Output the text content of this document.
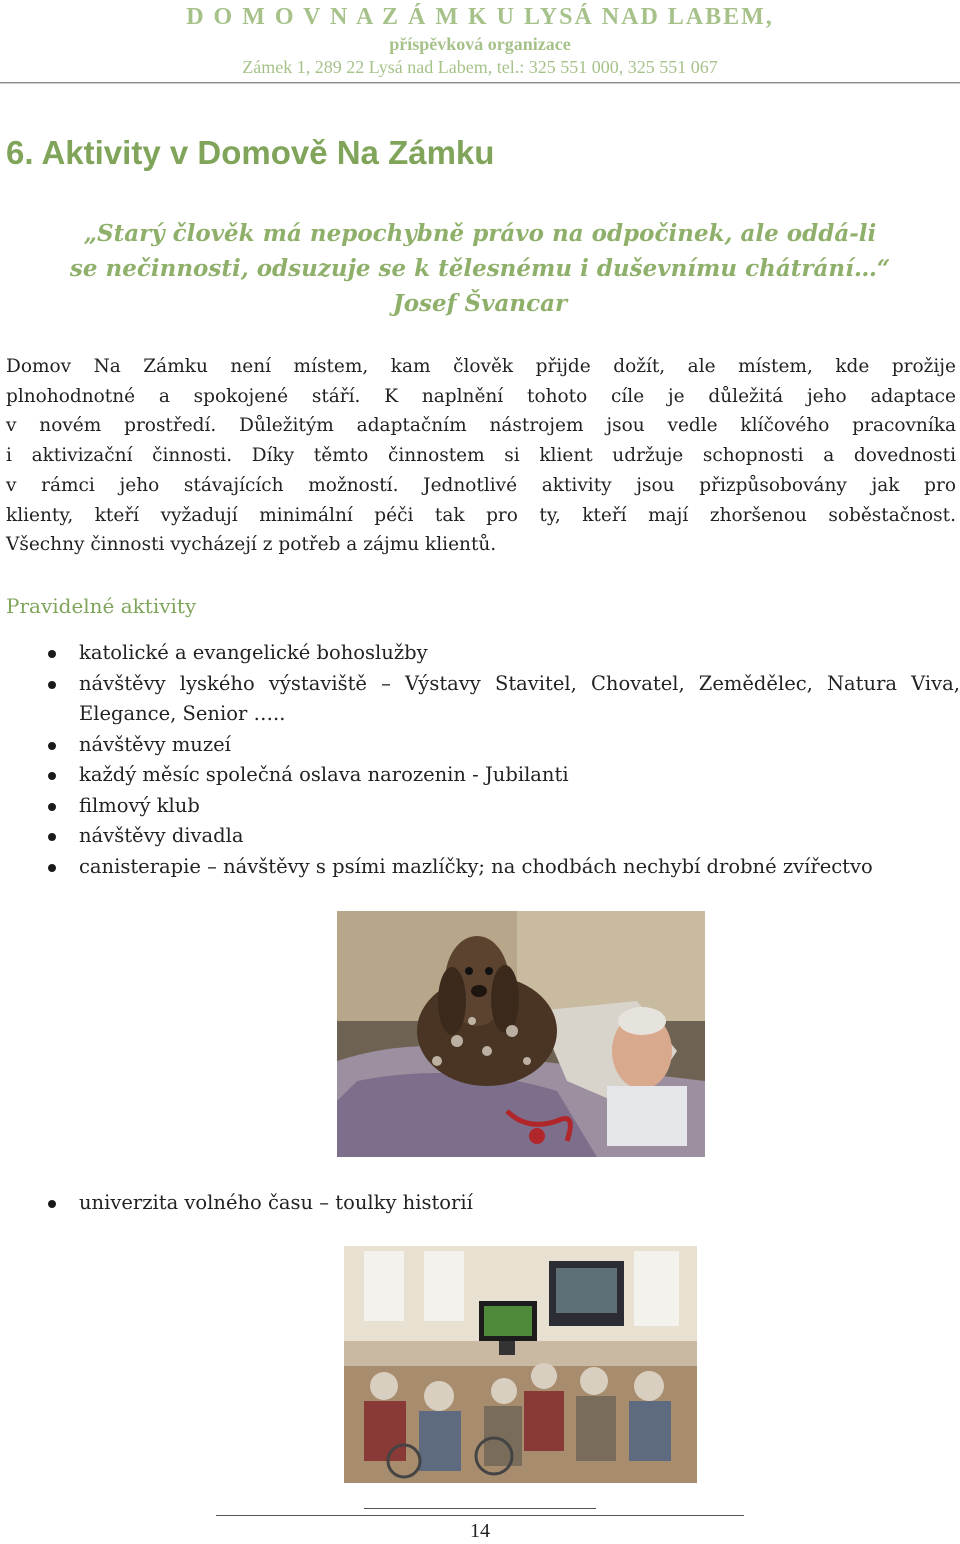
D O M O V N A Z Á M K U LYSÁ NAD LABEM,
příspěvková organizace
Zámek 1, 289 22 Lysá nad Labem, tel.: 325 551 000, 325 551 067
6. Aktivity v Domově Na Zámku
„Starý člověk má nepochybně právo na odpočinek, ale oddá-li
se nečinnosti, odsuzuje se k tělesnému i duševnímu chátrání…“
Josef Švancar
Domov Na Zámku není místem, kam člověk přijde dožít, ale místem, kde prožije
plnohodnotné a spokojené stáří. K naplnění tohoto cíle je důležitá jeho adaptace
v novém prostředí. Důležitým adaptačním nástrojem jsou vedle klíčového pracovníka
i aktivizační činnosti. Díky těmto činnostem si klient udržuje schopnosti a dovednosti
v rámci jeho stávajících možností. Jednotlivé aktivity jsou přizpůsobovány jak pro
klienty, kteří vyžadují minimální péči tak pro ty, kteří mají zhoršenou soběstačnost.
Všechny činnosti vycházejí z potřeb a zájmu klientů.
Pravidelné aktivity
katolické a evangelické bohoslužby
návštěvy lyského výstaviště – Výstavy Stavitel, Chovatel, Zemědělec, Natura Viva, Elegance, Senior …..
návštěvy muzeí
každý měsíc společná oslava narozenin - Jubilanti
filmový klub
návštěvy divadla
canisterapie – návštěvy s psími mazlíčky; na chodbách nechybí drobné zvířectvo
univerzita volného času – toulky historií
14
